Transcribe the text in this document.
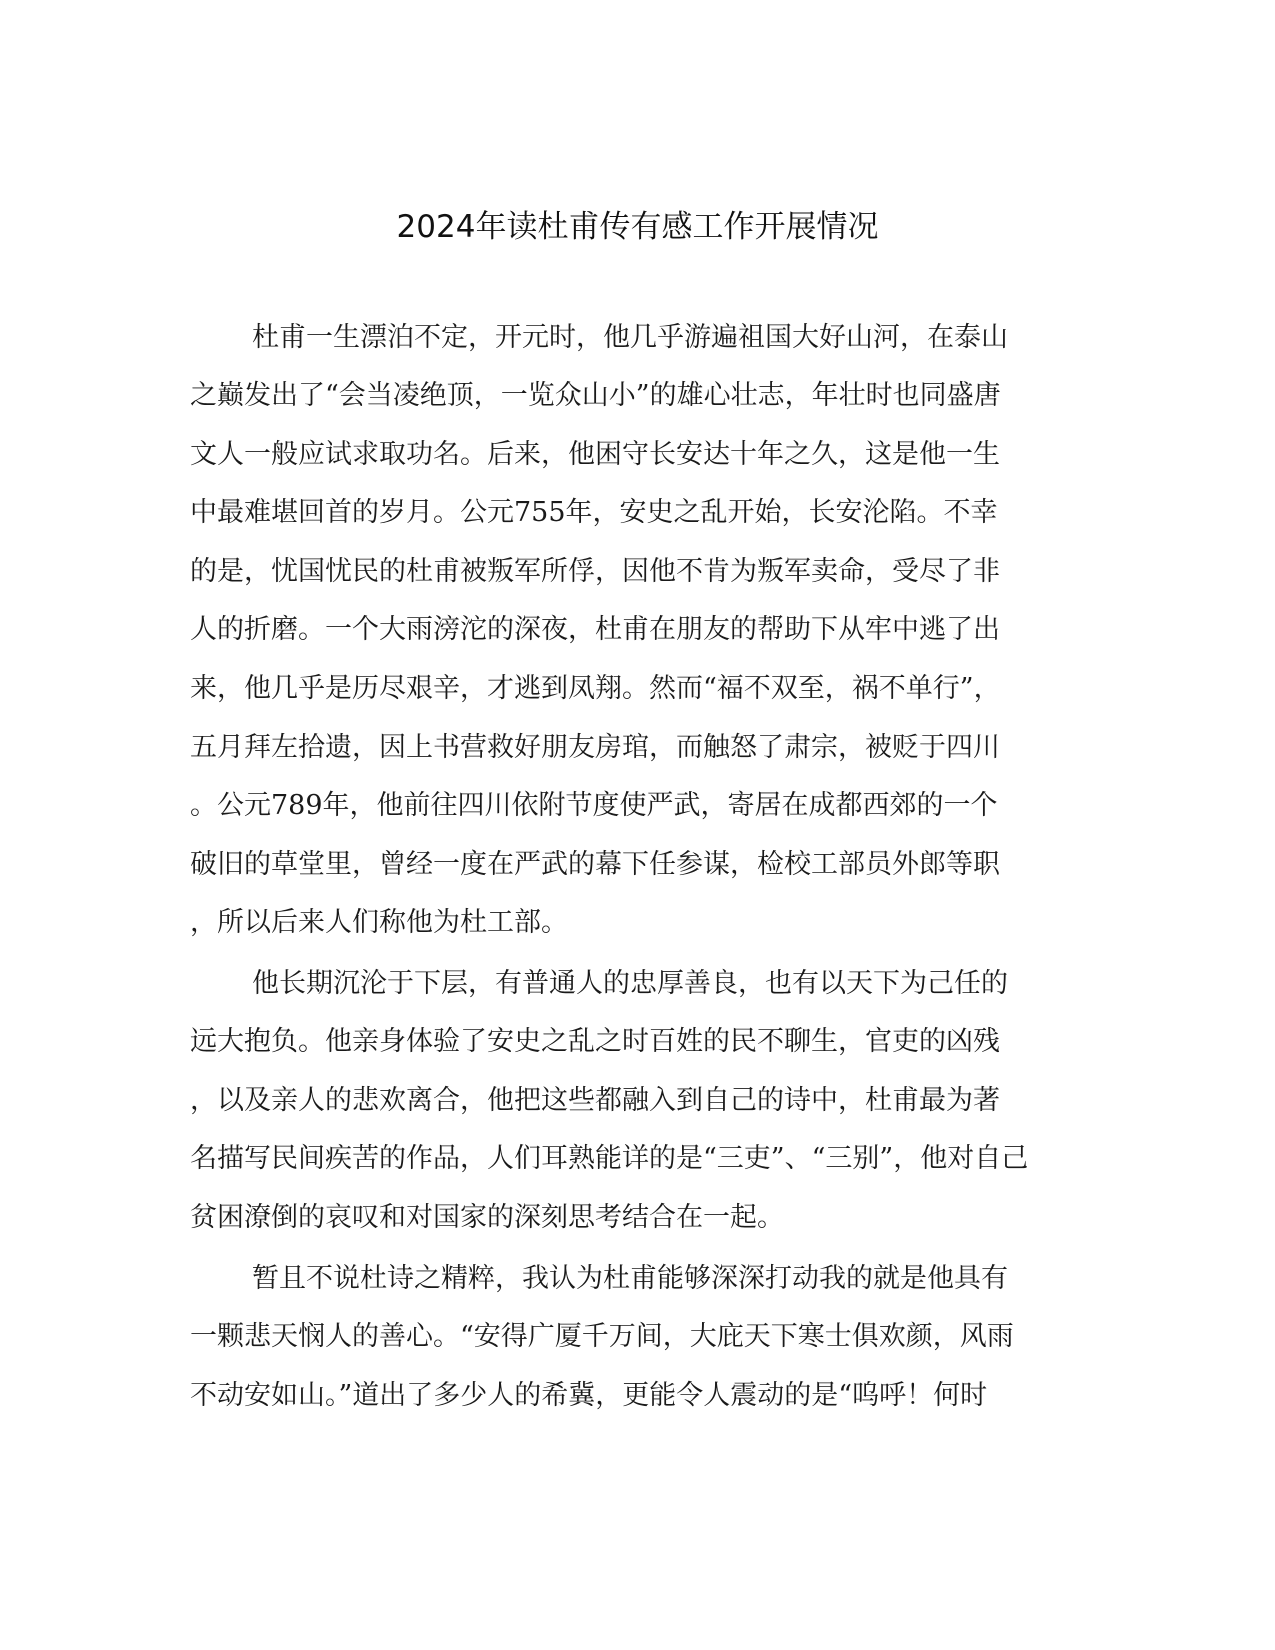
2024年读杜甫传有感工作开展情况
杜甫一生漂泊不定，开元时，他几乎游遍祖国大好山河，在泰山
之巅发出了“会当凌绝顶，一览众山小”的雄心壮志，年壮时也同盛唐
文人一般应试求取功名。后来，他困守长安达十年之久，这是他一生
中最难堪回首的岁月。公元755年，安史之乱开始，长安沦陷。不幸
的是，忧国忧民的杜甫被叛军所俘，因他不肯为叛军卖命，受尽了非
人的折磨。一个大雨滂沱的深夜，杜甫在朋友的帮助下从牢中逃了出
来，他几乎是历尽艰辛，才逃到凤翔。然而“福不双至，祸不单行”，
五月拜左拾遗，因上书营救好朋友房琯，而触怒了肃宗，被贬于四川
。公元789年，他前往四川依附节度使严武，寄居在成都西郊的一个
破旧的草堂里，曾经一度在严武的幕下任参谋，检校工部员外郎等职
，所以后来人们称他为杜工部。
他长期沉沦于下层，有普通人的忠厚善良，也有以天下为己任的
远大抱负。他亲身体验了安史之乱之时百姓的民不聊生，官吏的凶残
，以及亲人的悲欢离合，他把这些都融入到自己的诗中，杜甫最为著
名描写民间疾苦的作品，人们耳熟能详的是“三吏”、“三别”，他对自己
贫困潦倒的哀叹和对国家的深刻思考结合在一起。
暂且不说杜诗之精粹，我认为杜甫能够深深打动我的就是他具有
一颗悲天悯人的善心。“安得广厦千万间，大庇天下寒士俱欢颜，风雨
不动安如山。”道出了多少人的希冀，更能令人震动的是“呜呼！何时
